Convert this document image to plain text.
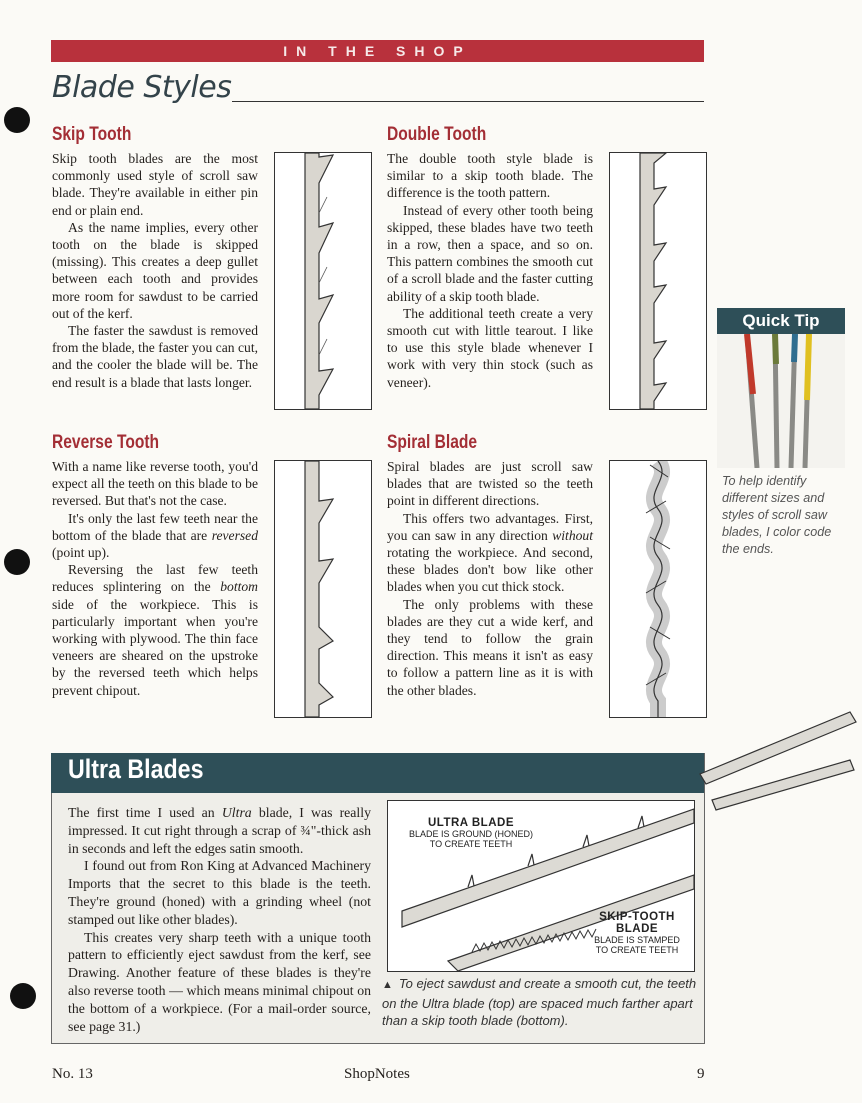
IN THE SHOP
Blade Styles
Skip Tooth

Skip tooth blades are the most commonly used style of scroll saw blade. They're available in either pin end or plain end.

As the name implies, every other tooth on the blade is skipped (missing). This creates a deep gullet between each tooth and provides more room for sawdust to be carried out of the kerf.

The faster the sawdust is removed from the blade, the faster you can cut, and the cooler the blade will be. The end result is a blade that lasts longer.

Double Tooth

The double tooth style blade is similar to a skip tooth blade. The difference is the tooth pattern.

Instead of every other tooth being skipped, these blades have two teeth in a row, then a space, and so on. This pattern combines the smooth cut of a scroll blade and the faster cutting ability of a skip tooth blade.

The additional teeth create a very smooth cut with little tearout. I like to use this style blade whenever I work with very thin stock (such as veneer).

Reverse Tooth

With a name like reverse tooth, you'd expect all the teeth on this blade to be reversed. But that's not the case.

It's only the last few teeth near the bottom of the blade that are reversed (point up).

Reversing the last few teeth reduces splintering on the bottom side of the workpiece. This is particularly important when you're working with plywood. The thin face veneers are sheared on the upstroke by the reversed teeth which helps prevent chipout.

Spiral Blade

Spiral blades are just scroll saw blades that are twisted so the teeth point in different directions.

This offers two advantages. First, you can saw in any direction without rotating the workpiece. And second, these blades don't bow like other blades when you cut thick stock.

The only problems with these blades are they cut a wide kerf, and they tend to follow the grain direction. This means it isn't as easy to follow a pattern line as it is with the other blades.

Quick Tip
To help identify different sizes and styles of scroll saw blades, I color code the ends.
Ultra Blades

The first time I used an Ultra blade, I was really impressed. It cut right through a scrap of ¾"-thick ash in seconds and left the edges satin smooth.

I found out from Ron King at Advanced Machinery Imports that the secret to this blade is the teeth. They're ground (honed) with a grinding wheel (not stamped out like other blades).

This creates very sharp teeth with a unique tooth pattern to efficiently eject sawdust from the kerf, see Drawing. Another feature of these blades is they're also reverse tooth — which means minimal chipout on the bottom of a workpiece. (For a mail-order source, see page 31.)

ULTRA BLADE
BLADE IS GROUND (HONED)
TO CREATE TEETH
SKIP-TOOTH
BLADE
BLADE IS STAMPED
TO CREATE TEETH
▲ To eject sawdust and create a smooth cut, the teeth on the Ultra blade (top) are spaced much farther apart than a skip tooth blade (bottom).
No. 13	ShopNotes	9
